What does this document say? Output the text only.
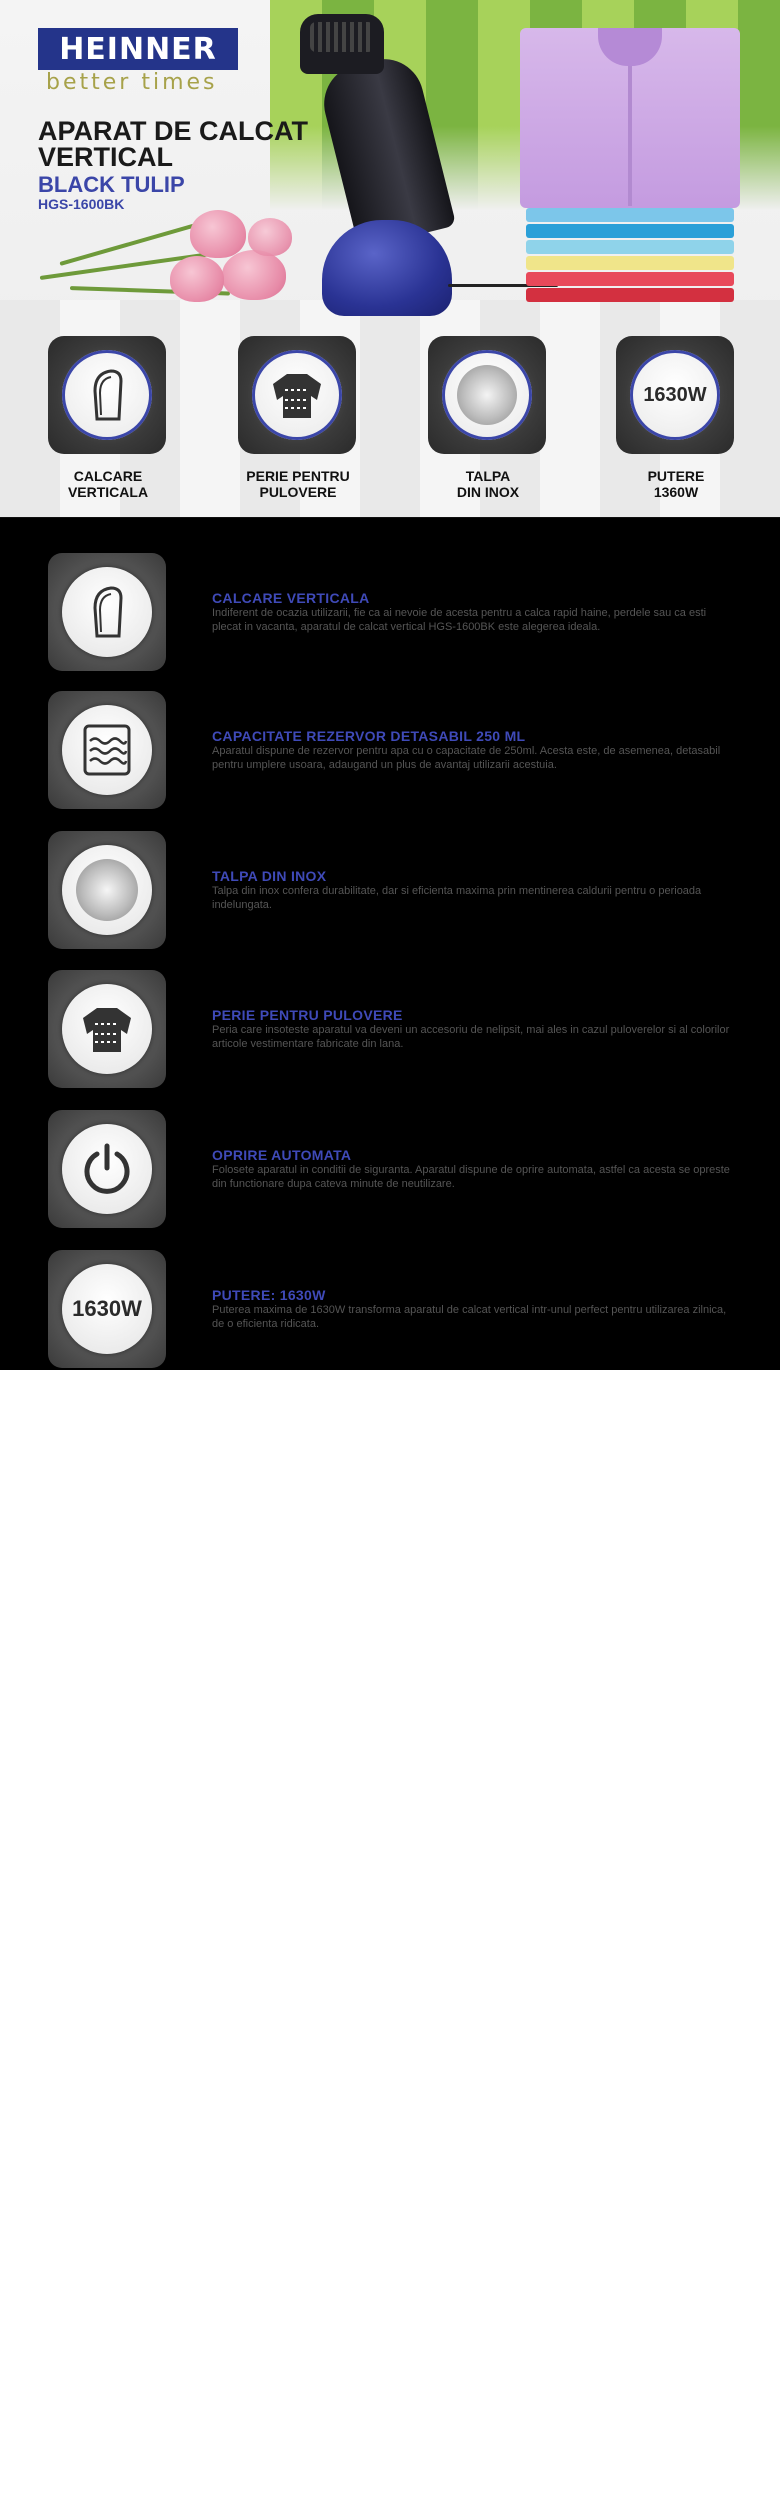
HEINNER
better times
APARAT DE CALCAT VERTICAL
BLACK TULIP
HGS-1600BK
CALCARE
VERTICALA
PERIE PENTRU
PULOVERE
TALPA
DIN INOX
1630W
PUTERE
1360W
CALCARE VERTICALA
Indiferent de ocazia utilizarii, fie ca ai nevoie de acesta pentru a calca rapid haine, perdele sau ca esti plecat in vacanta, aparatul de calcat vertical HGS-1600BK este alegerea ideala.
CAPACITATE REZERVOR DETASABIL 250 ML
Aparatul dispune de rezervor pentru apa cu o capacitate de 250ml. Acesta este, de asemenea, detasabil pentru umplere usoara, adaugand un plus de avantaj utilizarii acestuia.
TALPA DIN INOX
Talpa din inox confera durabilitate, dar si eficienta maxima prin mentinerea caldurii pentru o perioada indelungata.
PERIE PENTRU PULOVERE
Peria care insoteste aparatul va deveni un accesoriu de nelipsit, mai ales in cazul puloverelor si al colorilor articole vestimentare fabricate din lana.
OPRIRE AUTOMATA
Folosete aparatul in conditii de siguranta. Aparatul dispune de oprire automata, astfel ca acesta se opreste din functionare dupa cateva minute de neutilizare.
1630W
PUTERE: 1630W
Puterea maxima de 1630W transforma aparatul de calcat vertical intr-unul perfect pentru utilizarea zilnica, de o eficienta ridicata.
